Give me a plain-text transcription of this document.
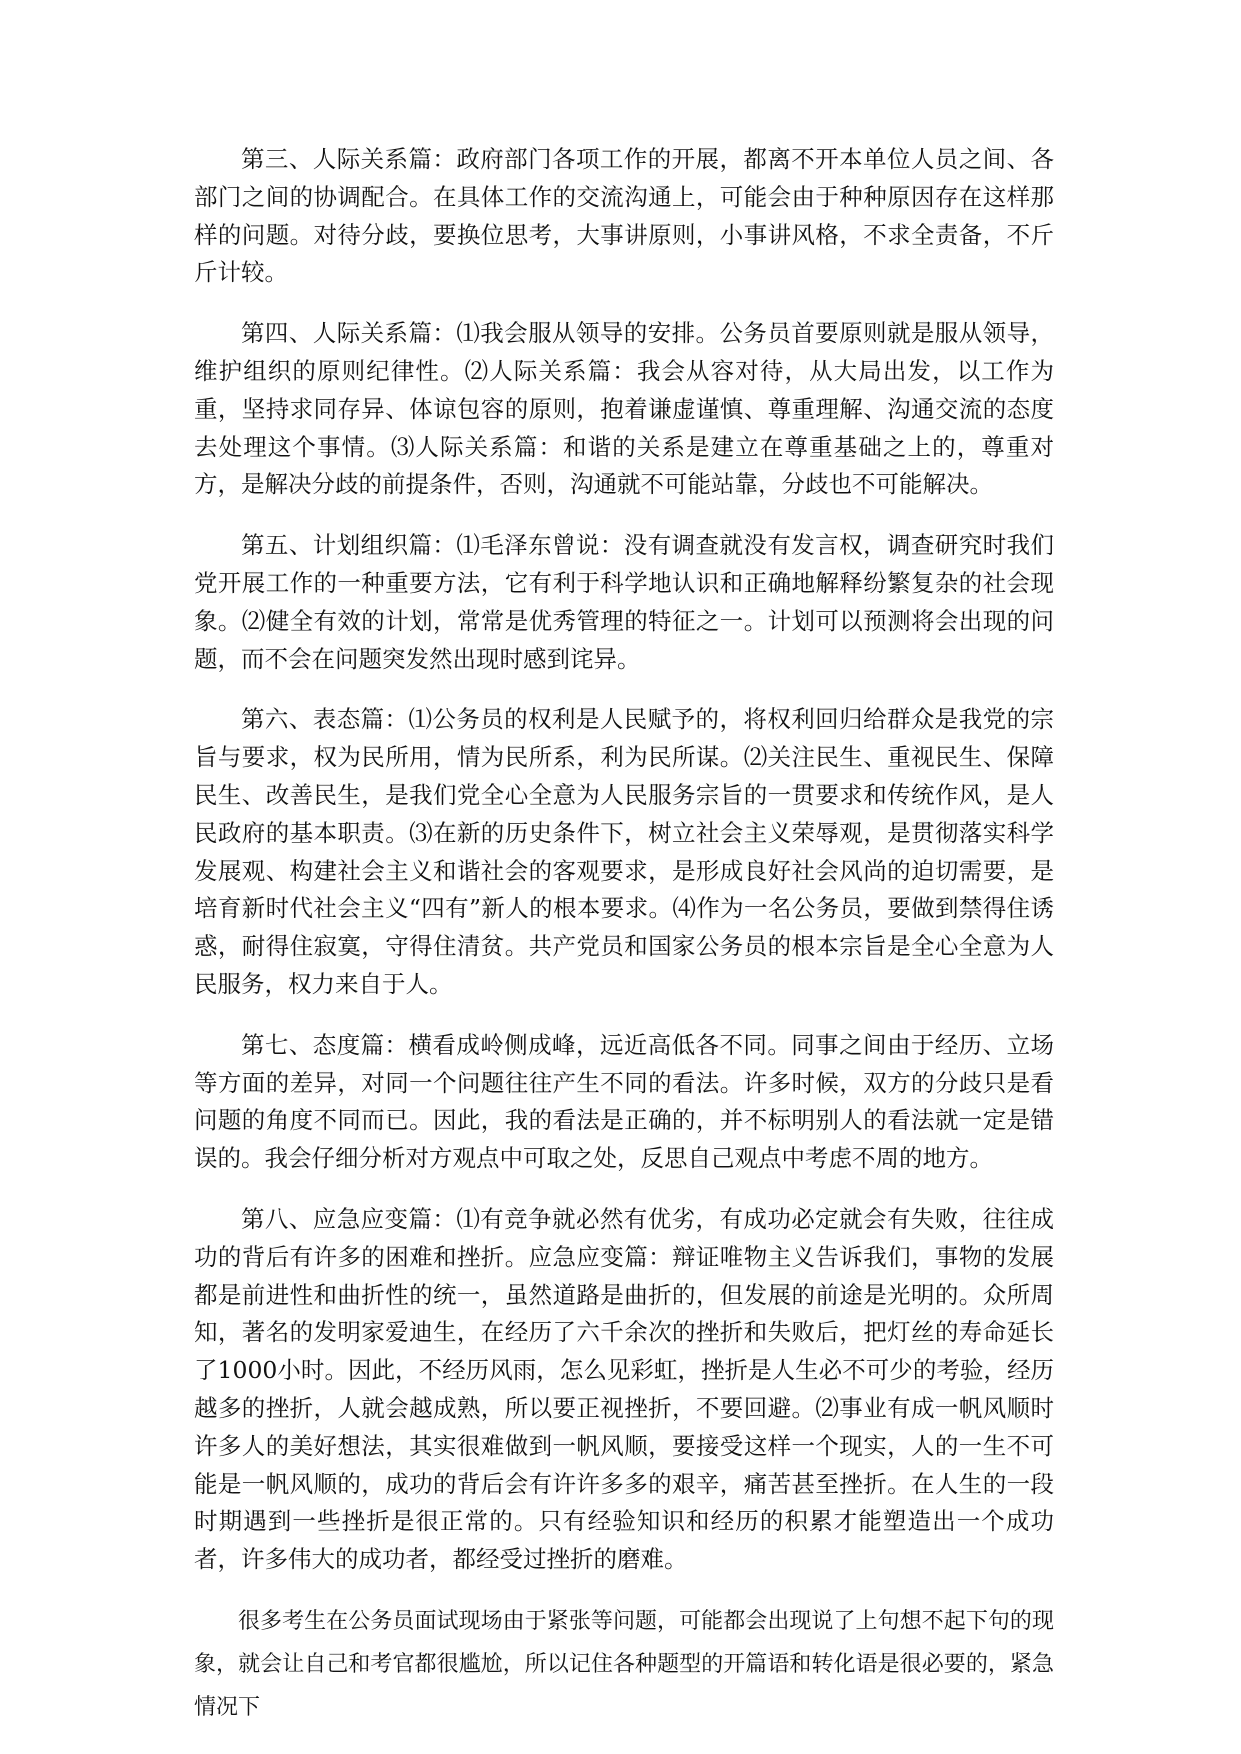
第三、人际关系篇：政府部门各项工作的开展，都离不开本单位人员之间、各部门之间的协调配合。在具体工作的交流沟通上，可能会由于种种原因存在这样那样的问题。对待分歧，要换位思考，大事讲原则，小事讲风格，不求全责备，不斤斤计较。

第四、人际关系篇：⑴我会服从领导的安排。公务员首要原则就是服从领导，维护组织的原则纪律性。⑵人际关系篇：我会从容对待，从大局出发，以工作为重，坚持求同存异、体谅包容的原则，抱着谦虚谨慎、尊重理解、沟通交流的态度去处理这个事情。⑶人际关系篇：和谐的关系是建立在尊重基础之上的，尊重对方，是解决分歧的前提条件，否则，沟通就不可能站靠，分歧也不可能解决。

第五、计划组织篇：⑴毛泽东曾说：没有调查就没有发言权，调查研究时我们党开展工作的一种重要方法，它有利于科学地认识和正确地解释纷繁复杂的社会现象。⑵健全有效的计划，常常是优秀管理的特征之一。计划可以预测将会出现的问题，而不会在问题突发然出现时感到诧异。

第六、表态篇：⑴公务员的权利是人民赋予的，将权利回归给群众是我党的宗旨与要求，权为民所用，情为民所系，利为民所谋。⑵关注民生、重视民生、保障民生、改善民生，是我们党全心全意为人民服务宗旨的一贯要求和传统作风，是人民政府的基本职责。⑶在新的历史条件下，树立社会主义荣辱观，是贯彻落实科学发展观、构建社会主义和谐社会的客观要求，是形成良好社会风尚的迫切需要，是培育新时代社会主义“四有”新人的根本要求。⑷作为一名公务员，要做到禁得住诱惑，耐得住寂寞，守得住清贫。共产党员和国家公务员的根本宗旨是全心全意为人民服务，权力来自于人。

第七、态度篇：横看成岭侧成峰，远近高低各不同。同事之间由于经历、立场等方面的差异，对同一个问题往往产生不同的看法。许多时候，双方的分歧只是看问题的角度不同而已。因此，我的看法是正确的，并不标明别人的看法就一定是错误的。我会仔细分析对方观点中可取之处，反思自己观点中考虑不周的地方。

第八、应急应变篇：⑴有竞争就必然有优劣，有成功必定就会有失败，往往成功的背后有许多的困难和挫折。应急应变篇：辩证唯物主义告诉我们，事物的发展都是前进性和曲折性的统一，虽然道路是曲折的，但发展的前途是光明的。众所周知，著名的发明家爱迪生，在经历了六千余次的挫折和失败后，把灯丝的寿命延长了1000小时。因此，不经历风雨，怎么见彩虹，挫折是人生必不可少的考验，经历越多的挫折，人就会越成熟，所以要正视挫折，不要回避。⑵事业有成一帆风顺时许多人的美好想法，其实很难做到一帆风顺，要接受这样一个现实，人的一生不可能是一帆风顺的，成功的背后会有许许多多的艰辛，痛苦甚至挫折。在人生的一段时期遇到一些挫折是很正常的。只有经验知识和经历的积累才能塑造出一个成功者，许多伟大的成功者，都经受过挫折的磨难。

很多考生在公务员面试现场由于紧张等问题，可能都会出现说了上句想不起下句的现象，就会让自己和考官都很尴尬，所以记住各种题型的开篇语和转化语是很必要的，紧急情况下
